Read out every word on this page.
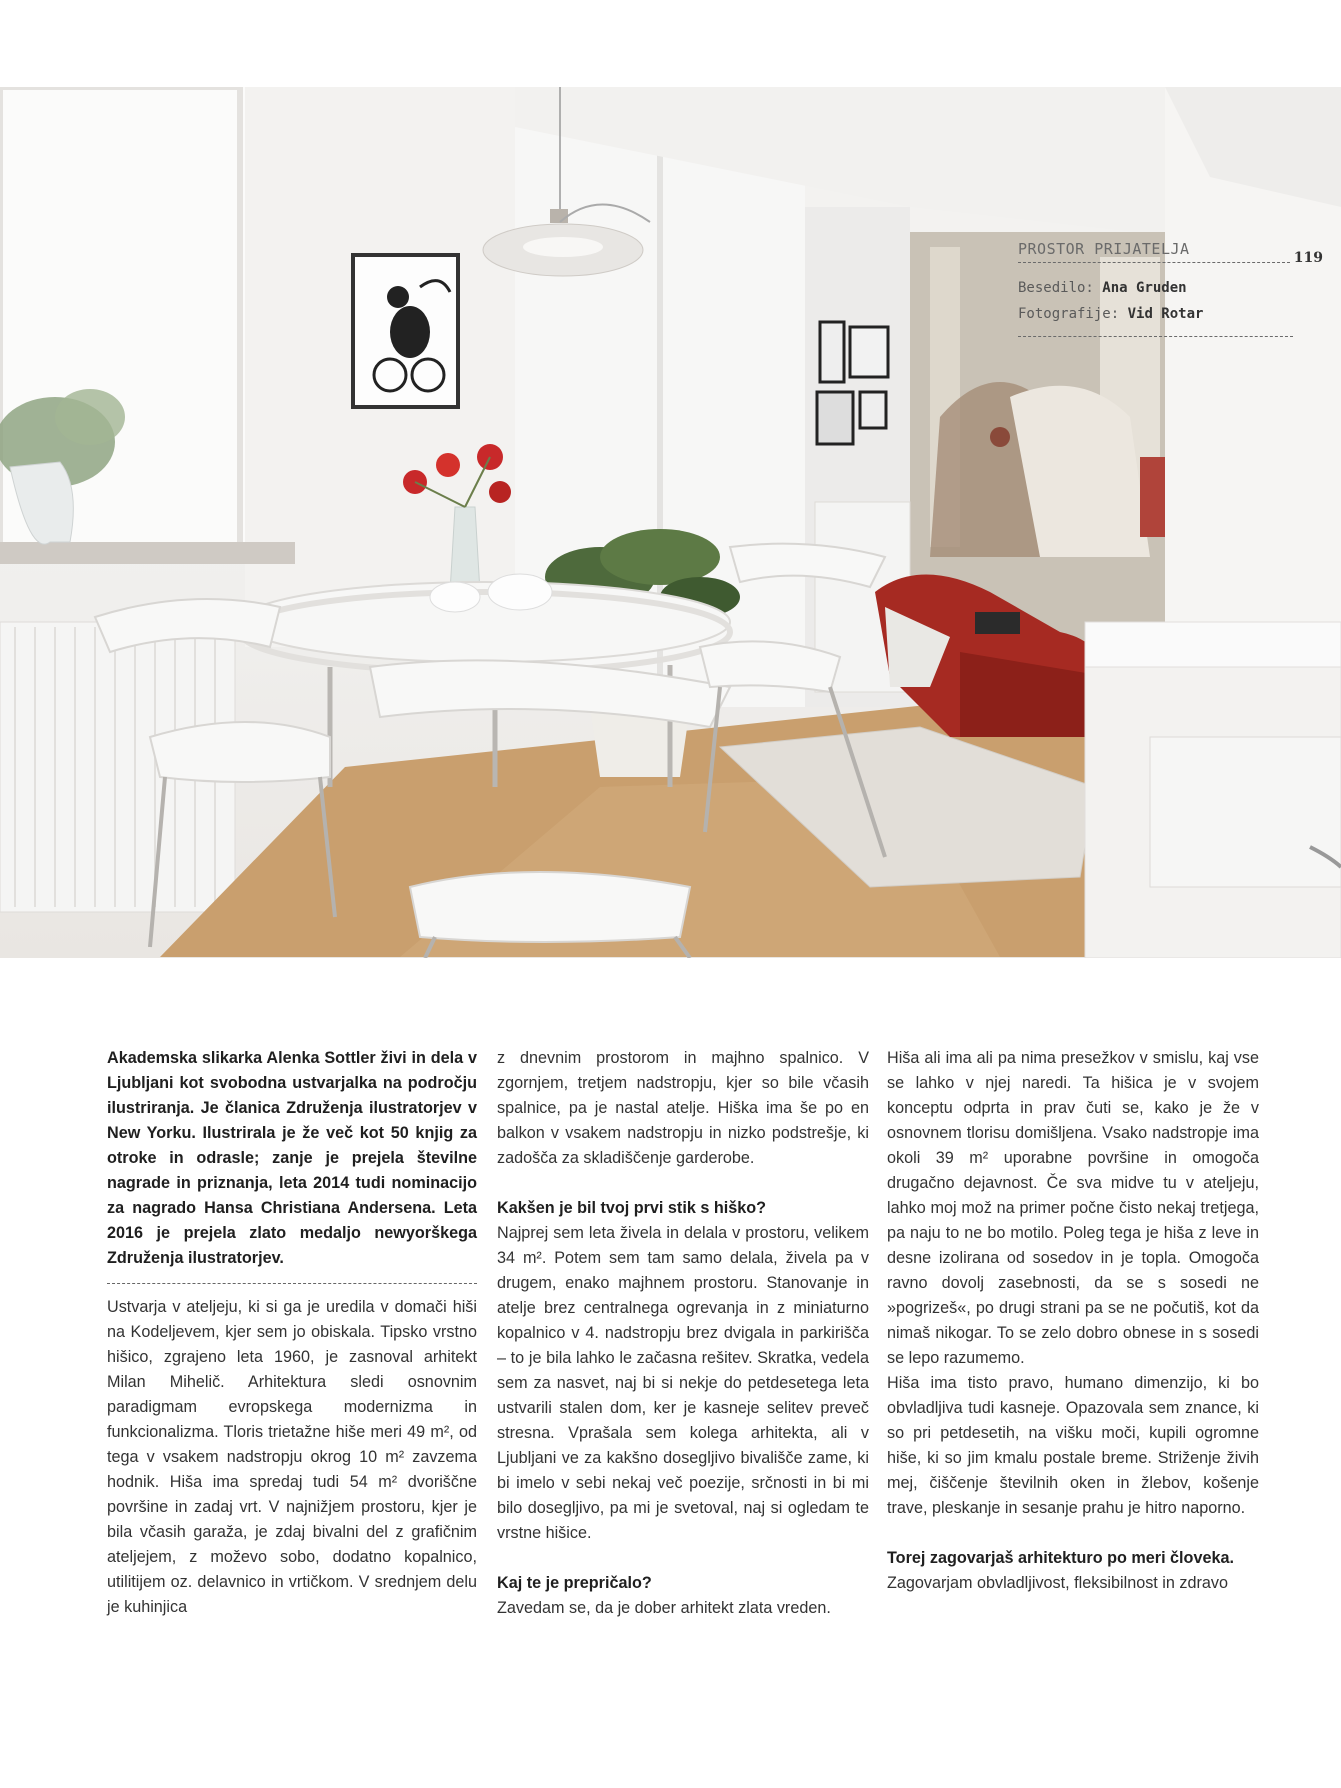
PROSTOR PRIJATELJA	119
Besedilo: Ana Gruden
Fotografije: Vid Rotar

Akademska slikarka Alenka Sottler živi in dela v Ljubljani kot svobodna ustvarjalka na področju ilustriranja. Je članica Združenja ilustratorjev v New Yorku. Ilustrirala je že več kot 50 knjig za otroke in odrasle; zanje je prejela številne nagrade in priznanja, leta 2014 tudi nominacijo za nagrado Hansa Christiana Andersena. Leta 2016 je prejela zlato medaljo newyorškega Združenja ilustratorjev.

Ustvarja v ateljeju, ki si ga je uredila v domači hiši na Kodeljevem, kjer sem jo obiskala. Tipsko vrstno hišico, zgrajeno leta 1960, je zasnoval arhitekt Milan Mihelič. Arhitektura sledi osnovnim paradigmam evropskega modernizma in funkcionalizma. Tloris trietažne hiše meri 49 m², od tega v vsakem nadstropju okrog 10 m² zavzema hodnik. Hiša ima spredaj tudi 54 m² dvoriščne površine in zadaj vrt. V najnižjem prostoru, kjer je bila včasih garaža, je zdaj bivalni del z grafičnim ateljejem, z moževo sobo, dodatno kopalnico, utilitijem oz. delavnico in vrtičkom. V srednjem delu je kuhinjica

z dnevnim prostorom in majhno spalnico. V zgornjem, tretjem nadstropju, kjer so bile včasih spalnice, pa je nastal atelje. Hiška ima še po en balkon v vsakem nadstropju in nizko podstrešje, ki zadošča za skladiščenje garderobe.

Kakšen je bil tvoj prvi stik s hiško?

Najprej sem leta živela in delala v prostoru, velikem 34 m². Potem sem tam samo delala, živela pa v drugem, enako majhnem prostoru. Stanovanje in atelje brez centralnega ogrevanja in z miniaturno kopalnico v 4. nadstropju brez dvigala in parkirišča – to je bila lahko le začasna rešitev. Skratka, vedela sem za nasvet, naj bi si nekje do petdesetega leta ustvarili stalen dom, ker je kasneje selitev preveč stresna. Vprašala sem kolega arhitekta, ali v Ljubljani ve za kakšno dosegljivo bivališče zame, ki bi imelo v sebi nekaj več poezije, srčnosti in bi mi bilo dosegljivo, pa mi je svetoval, naj si ogledam te vrstne hišice.

Kaj te je prepričalo?

Zavedam se, da je dober arhitekt zlata vreden.

Hiša ali ima ali pa nima presežkov v smislu, kaj vse se lahko v njej naredi. Ta hišica je v svojem konceptu odprta in prav čuti se, kako je že v osnovnem tlorisu domišljena. Vsako nadstropje ima okoli 39 m² uporabne površine in omogoča drugačno dejavnost. Če sva midve tu v ateljeju, lahko moj mož na primer počne čisto nekaj tretjega, pa naju to ne bo motilo. Poleg tega je hiša z leve in desne izolirana od sosedov in je topla. Omogoča ravno dovolj zasebnosti, da se s sosedi ne »pogrizeš«, po drugi strani pa se ne počutiš, kot da nimaš nikogar. To se zelo dobro obnese in s sosedi se lepo razumemo.

Hiša ima tisto pravo, humano dimenzijo, ki bo obvladljiva tudi kasneje. Opazovala sem znance, ki so pri petdesetih, na višku moči, kupili ogromne hiše, ki so jim kmalu postale breme. Striženje živih mej, čiščenje številnih oken in žlebov, košenje trave, pleskanje in sesanje prahu je hitro naporno.

Torej zagovarjaš arhitekturo po meri človeka.

Zagovarjam obvladljivost, fleksibilnost in zdravo
